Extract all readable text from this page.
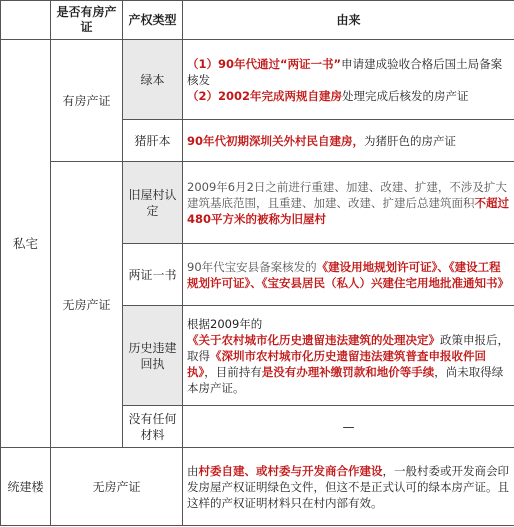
	是否有房产证	产权类型	由来
私宅	有房产证	绿本	（1）90年代通过“两证一书”申请建成验收合格后国土局备案核发
（2）2002年完成两规自建房处理完成后核发的房产证
		猪肝本	90年代初期深圳关外村民自建房，为猪肝色的房产证
	无房产证	旧屋村认定	2009年6月2日之前进行重建、加建、改建、扩建，不涉及扩大建筑基底范围，且重建、加建、改建、扩建后总建筑面积不超过480平方米的被称为旧屋村
		两证一书	90年代宝安县备案核发的《建设用地规划许可证》、《建设工程规划许可证》、《宝安县居民（私人）兴建住宅用地批准通知书》
		历史违建回执	根据2009年的《关于农村城市化历史遗留违法建筑的处理决定》政策申报后，取得《深圳市农村城市化历史遗留违法建筑普查申报收件回执》，目前持有是没有办理补缴罚款和地价等手续，尚未取得绿本房产证。
		没有任何材料	—
统建楼	无房产证		由村委自建、或村委与开发商合作建设，一般村委或开发商会印发房屋产权证明绿色文件，但这不是正式认可的绿本房产证。且这样的产权证明材料只在村内部有效。
